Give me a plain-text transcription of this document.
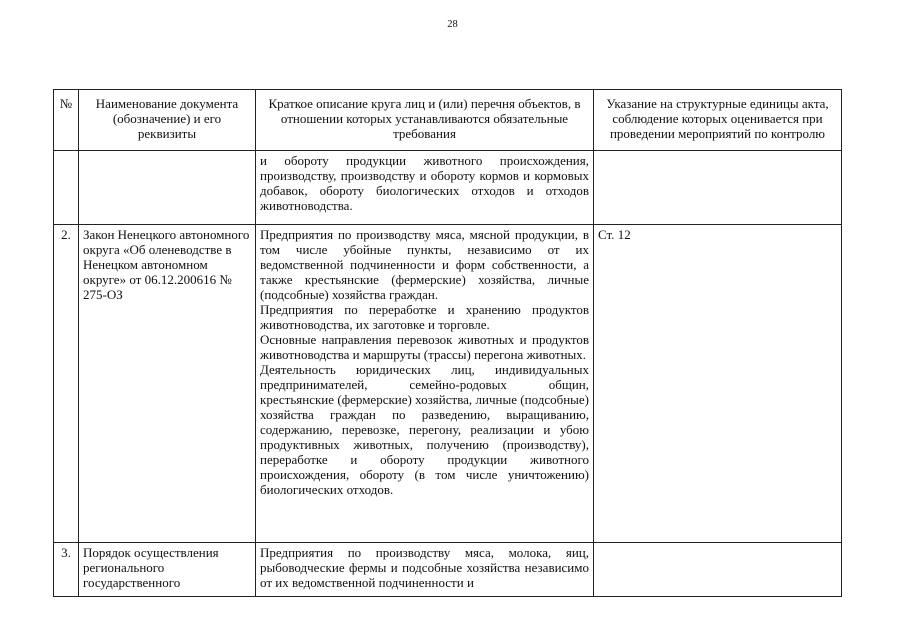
28
№	Наименование документа (обозначение) и его реквизиты	Краткое описание круга лиц и (или) перечня объектов, в отношении которых устанавливаются обязательные требования	Указание на структурные единицы акта, соблюдение которых оценивается при проведении мероприятий по контролю
		и обороту продукции животного происхождения, производству, производству и обороту кормов и кормовых добавок, обороту биологических отходов и отходов животноводства.	
2.	Закон Ненецкого автономного округа «Об оленеводстве в Ненецком автономном округе» от 06.12.200616 № 275-ОЗ	Предприятия по производству мяса, мясной продукции, в том числе убойные пункты, независимо от их ведомственной подчиненности и форм собственности, а также крестьянские (фермерские) хозяйства, личные (подсобные) хозяйства граждан.

Предприятия по переработке и хранению продуктов животноводства, их заготовке и торговле.

Основные направления перевозок животных и продуктов животноводства и маршруты (трассы) перегона животных.

Деятельность юридических лиц, индивидуальных предпринимателей, семейно-родовых общин, крестьянские (фермерские) хозяйства, личные (подсобные) хозяйства граждан по разведению, выращиванию, содержанию, перевозке, перегону, реализации и убою продуктивных животных, получению (производству), переработке и обороту продукции животного происхождения, обороту (в том числе уничтожению) биологических отходов.	Ст. 12
3.	Порядок осуществления регионального государственного	Предприятия по производству мяса, молока, яиц, рыбоводческие фермы и подсобные хозяйства независимо от их ведомственной подчиненности и	
